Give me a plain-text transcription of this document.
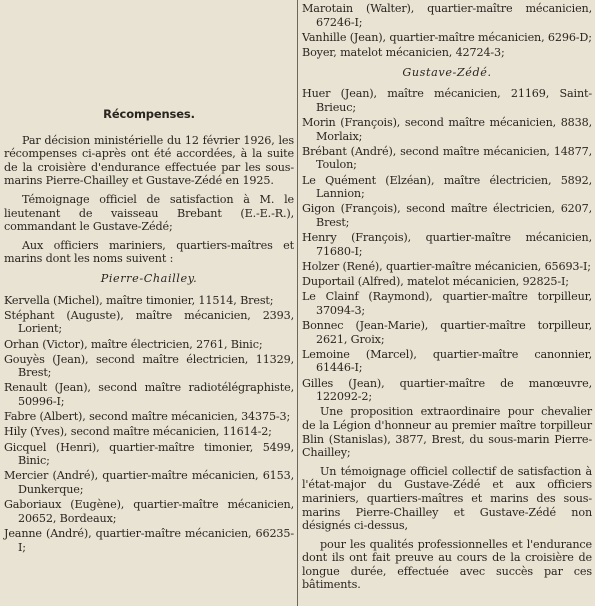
Récompenses.

Par décision ministérielle du 12 février 1926, les récompenses ci-après ont été accordées, à la suite de la croisière d'endurance effectuée par les sous-marins Pierre-Chailley et Gustave-Zédé en 1925.

Témoignage officiel de satisfaction à M. le lieutenant de vaisseau Brebant (E.-E.-R.), commandant le Gustave-Zédé;

Aux officiers mariniers, quartiers-maîtres et marins dont les noms suivent :

Pierre-Chailley.

Kervella (Michel), maître timonier, 11514, Brest;

Stéphant (Auguste), maître mécanicien, 2393, Lorient;

Orhan (Victor), maître électricien, 2761, Binic;

Gouyès (Jean), second maître électricien, 11329, Brest;

Renault (Jean), second maître radiotélégraphiste, 50996-I;

Fabre (Albert), second maître mécanicien, 34375-3;

Hily (Yves), second maître mécanicien, 11614-2;

Gicquel (Henri), quartier-maître timonier, 5499, Binic;

Mercier (André), quartier-maître mécanicien, 6153, Dunkerque;

Gaboriaux (Eugène), quartier-maître mécanicien, 20652, Bordeaux;

Jeanne (André), quartier-maître mécanicien, 66235-I;

Marotain (Walter), quartier-maître mécanicien, 67246-I;

Vanhille (Jean), quartier-maître mécanicien, 6296-D;

Boyer, matelot mécanicien, 42724-3;

Gustave-Zédé.

Huer (Jean), maître mécanicien, 21169, Saint-Brieuc;

Morin (François), second maître mécanicien, 8838, Morlaix;

Brébant (André), second maître mécanicien, 14877, Toulon;

Le Quément (Elzéan), maître électricien, 5892, Lannion;

Gigon (François), second maître électricien, 6207, Brest;

Henry (François), quartier-maître mécanicien, 71680-I;

Holzer (René), quartier-maître mécanicien, 65693-I;

Duportail (Alfred), matelot mécanicien, 92825-I;

Le Clainf (Raymond), quartier-maître torpilleur, 37094-3;

Bonnec (Jean-Marie), quartier-maître torpilleur, 2621, Groix;

Lemoine (Marcel), quartier-maître canonnier, 61446-I;

Gilles (Jean), quartier-maître de manœuvre, 122092-2;

Une proposition extraordinaire pour chevalier de la Légion d'honneur au premier maître torpilleur Blin (Stanislas), 3877, Brest, du sous-marin Pierre-Chailley;

Un témoignage officiel collectif de satisfaction à l'état-major du Gustave-Zédé et aux officiers mariniers, quartiers-maîtres et marins des sous-marins Pierre-Chailley et Gustave-Zédé non désignés ci-dessus,

pour les qualités professionnelles et l'endurance dont ils ont fait preuve au cours de la croisière de longue durée, effectuée avec succès par ces bâtiments.
